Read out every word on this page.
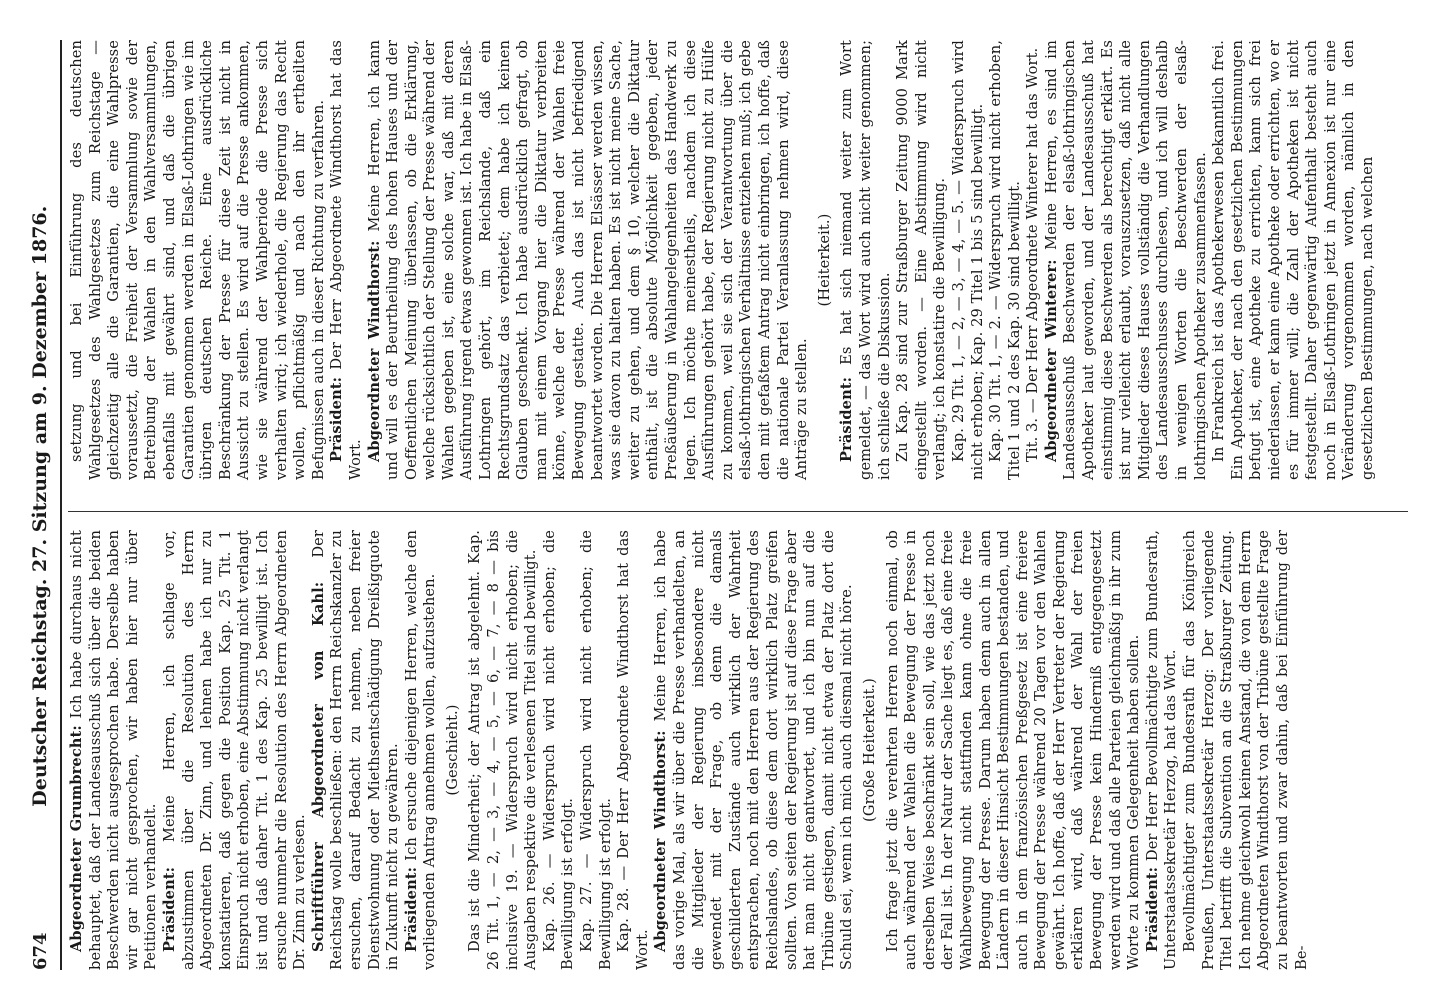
674
Deutscher Reichstag. 27. Sitzung am 9. Dezember 1876.

Abgeordneter Grumbrecht: Ich habe durchaus nicht behauptet, daß der Landesausschuß sich über die beiden Beschwerden nicht ausgesprochen habe. Derselbe haben wir gar nicht gesprochen, wir haben hier nur über Petitionen verhandelt. Präsident: Meine Herren, ich schlage vor, abzustimmen über die Resolution des Herrn Abgeordneten Dr. Zinn, und lehnen habe ich nur zu konstatieren, daß gegen die Position Kap. 25 Tit. 1 Einspruch nicht erhoben, eine Abstimmung nicht verlangt ist und daß daher Tit. 1 des Kap. 25 bewilligt ist. Ich ersuche nunmehr die Resolution des Herrn Abgeordneten Dr. Zinn zu verlesen. Schriftführer Abgeordneter von Kahl: Der Reichstag wolle beschließen: den Herrn Reichskanzler zu ersuchen, darauf Bedacht zu nehmen, neben freier Dienstwohnung oder Miethsentschädigung Dreißigquote in Zukunft nicht zu gewähren. Präsident: Ich ersuche diejenigen Herren, welche den vorliegenden Antrag annehmen wollen, aufzustehen. (Geschieht.) Das ist die Minderheit; der Antrag ist abgelehnt. Kap. 26 Tit. 1, — 2, — 3, — 4, — 5, — 6, — 7, — 8 — bis inclusive 19. — Widerspruch wird nicht erhoben; die Ausgaben respektive die verlesenen Titel sind bewilligt. Kap. 26. — Widerspruch wird nicht erhoben; die Bewilligung ist erfolgt. Kap. 27. — Widerspruch wird nicht erhoben; die Bewilligung ist erfolgt. Kap. 28. — Der Herr Abgeordnete Windthorst hat das Wort. Abgeordneter Windthorst: Meine Herren, ich habe das vorige Mal, als wir über die Presse verhandelten, an die Mitglieder der Regierung insbesondere nicht gewendet mit der Frage, ob denn die damals geschilderten Zustände auch wirklich der Wahrheit entsprachen, noch mit den Herren aus der Regierung des Reichslandes, ob diese dem dort wirklich Platz greifen sollten. Von seiten der Regierung ist auf diese Frage aber hat man nicht geantwortet, und ich bin nun auf die Tribüne gestiegen, damit nicht etwa der Platz dort die Schuld sei, wenn ich mich auch diesmal nicht höre. (Große Heiterkeit.) Ich frage jetzt die verehrten Herren noch einmal, ob auch während der Wahlen die Bewegung der Presse in derselben Weise beschränkt sein soll, wie das jetzt noch der Fall ist. In der Natur der Sache liegt es, daß eine freie Wahlbewegung nicht stattfinden kann ohne die freie Bewegung der Presse. Darum haben denn auch in allen Ländern in dieser Hinsicht Bestimmungen bestanden, und auch in dem französischen Preßgesetz ist eine freiere Bewegung der Presse während 20 Tagen vor den Wahlen gewährt. Ich hoffe, daß der Herr Vertreter der Regierung erklären wird, daß während der Wahl der freien Bewegung der Presse kein Hinderniß entgegengesetzt werden wird und daß alle Parteien gleichmäßig in ihr zum Worte zu kommen Gelegenheit haben sollen. Präsident: Der Herr Bevollmächtigte zum Bundesrath, Unterstaatssekretär Herzog, hat das Wort. Bevollmächtigter zum Bundesrath für das Königreich Preußen, Unterstaatssekretär Herzog: Der vorliegende Titel betrifft die Subvention an die Straßburger Zeitung. Ich nehme gleichwohl keinen Anstand, die von dem Herrn Abgeordneten Windthorst von der Tribüne gestellte Frage zu beantworten und zwar dahin, daß bei Einführung der Be-

setzung und bei Einführung des deutschen Wahlgesetzes des Wahlgesetzes zum Reichstage — gleichzeitig alle die Garantien, die eine Wahlpresse voraussetzt, die Freiheit der Versammlung sowie der Betreibung der Wahlen in den Wahlversammlungen, ebenfalls mit gewährt sind, und daß die übrigen Garantien genommen werden in Elsaß-Lothringen wie im übrigen deutschen Reiche. Eine ausdrückliche Beschränkung der Presse für diese Zeit ist nicht in Aussicht zu stellen. Es wird auf die Presse ankommen, wie sie während der Wahlperiode die Presse sich verhalten wird; ich wiederhole, die Regierung das Recht wollen, pflichtmäßig und nach den ihr ertheilten Befugnissen auch in dieser Richtung zu verfahren. Präsident: Der Herr Abgeordnete Windthorst hat das Wort. Abgeordneter Windthorst: Meine Herren, ich kann und will es der Beurtheilung des hohen Hauses und der Oeffentlichen Meinung überlassen, ob die Erklärung, welche rücksichtlich der Stellung der Presse während der Wahlen gegeben ist, eine solche war, daß mit deren Ausführung irgend etwas gewonnen ist. Ich habe in Elsaß-Lothringen gehört, im Reichslande, daß ein Rechtsgrundsatz das verbietet; dem habe ich keinen Glauben geschenkt. Ich habe ausdrücklich gefragt, ob man mit einem Vorgang hier die Diktatur verbreiten könne, welche der Presse während der Wahlen freie Bewegung gestatte. Auch das ist nicht befriedigend beantwortet worden. Die Herren Elsässer werden wissen, was sie davon zu halten haben. Es ist nicht meine Sache, weiter zu gehen, und dem § 10, welcher die Diktatur enthält, ist die absolute Möglichkeit gegeben, jeder Preßäußerung in Wahlangelegenheiten das Handwerk zu legen. Ich möchte meinestheils, nachdem ich diese Ausführungen gehört habe, der Regierung nicht zu Hülfe zu kommen, weil sie sich der Verantwortung über die elsaß-lothringischen Verhältnisse entziehen muß; ich gebe den mit gefaßtem Antrag nicht einbringen, ich hoffe, daß die nationale Partei Veranlassung nehmen wird, diese Anträge zu stellen.

(Heiterkeit.)

Präsident: Es hat sich niemand weiter zum Wort gemeldet, — das Wort wird auch nicht weiter genommen; ich schließe die Diskussion. Zu Kap. 28 sind zur Straßburger Zeitung 9000 Mark eingestellt worden. — Eine Abstimmung wird nicht verlangt; ich konstatire die Bewilligung. Kap. 29 Tit. 1, — 2, — 3, — 4, — 5. — Widerspruch wird nicht erhoben; Kap. 29 Titel 1 bis 5 sind bewilligt. Kap. 30 Tit. 1, — 2. — Widerspruch wird nicht erhoben, Titel 1 und 2 des Kap. 30 sind bewilligt. Tit. 3. — Der Herr Abgeordnete Winterer hat das Wort. Abgeordneter Winterer: Meine Herren, es sind im Landesausschuß Beschwerden der elsaß-lothringischen Apotheker laut geworden, und der Landesausschuß hat einstimmig diese Beschwerden als berechtigt erklärt. Es ist nur vielleicht erlaubt, vorauszusetzen, daß nicht alle Mitglieder dieses Hauses vollständig die Verhandlungen des Landesausschusses durchlesen, und ich will deshalb in wenigen Worten die Beschwerden der elsaß-lothringischen Apotheker zusammenfassen. In Frankreich ist das Apothekerwesen bekanntlich frei. Ein Apotheker, der nach den gesetzlichen Bestimmungen befugt ist, eine Apotheke zu errichten, kann sich frei niederlassen, er kann eine Apotheke oder errichten, wo er es für immer will; die Zahl der Apotheken ist nicht festgestellt. Daher gegenwärtig Aufenthalt besteht auch noch in Elsaß-Lothringen jetzt in Annexion ist nur eine Veränderung vorgenommen worden, nämlich in den gesetzlichen Bestimmungen, nach welchen
